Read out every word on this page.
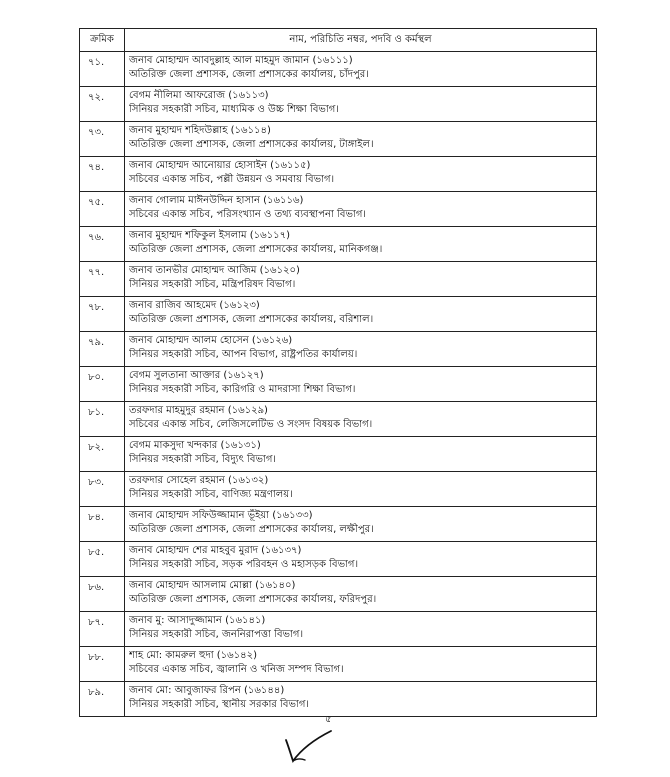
ক্রমিক	নাম, পরিচিতি নম্বর, পদবি ও কর্মস্থল
৭১.	জনাব মোহাম্মদ আবদুল্লাহ আল মাহমুদ জামান (১৬১১১)
অতিরিক্ত জেলা প্রশাসক, জেলা প্রশাসকের কার্যালয়, চাঁদপুর।

৭২.	বেগম নীলিমা আফরোজ (১৬১১৩)
সিনিয়র সহকারী সচিব, মাধ্যমিক ও উচ্চ শিক্ষা বিভাগ।

৭৩.	জনাব মুহাম্মদ শহিদউল্লাহ (১৬১১৪)
অতিরিক্ত জেলা প্রশাসক, জেলা প্রশাসকের কার্যালয়, টাঙ্গাইল।

৭৪.	জনাব মোহাম্মদ আনোয়ার হোসাইন (১৬১১৫)
সচিবের একান্ত সচিব, পল্লী উন্নয়ন ও সমবায় বিভাগ।

৭৫.	জনাব গোলাম মাঈনউদ্দিন হাসান (১৬১১৬)
সচিবের একান্ত সচিব, পরিসংখ্যান ও তথ্য ব্যবস্থাপনা বিভাগ।

৭৬.	জনাব মুহাম্মদ শফিকুল ইসলাম (১৬১১৭)
অতিরিক্ত জেলা প্রশাসক, জেলা প্রশাসকের কার্যালয়, মানিকগঞ্জ।

৭৭.	জনাব তানভীর মোহাম্মদ আজিম (১৬১২০)
সিনিয়র সহকারী সচিব, মন্ত্রিপরিষদ বিভাগ।

৭৮.	জনাব রাজিব আহমেদ (১৬১২৩)
অতিরিক্ত জেলা প্রশাসক, জেলা প্রশাসকের কার্যালয়, বরিশাল।

৭৯.	জনাব মোহাম্মদ আলম হোসেন (১৬১২৬)
সিনিয়র সহকারী সচিব, আপন বিভাগ, রাষ্ট্রপতির কার্যালয়।

৮০.	বেগম সুলতানা আক্তার (১৬১২৭)
সিনিয়র সহকারী সচিব, কারিগরি ও মাদরাসা শিক্ষা বিভাগ।

৮১.	তরফদার মাহমুদুর রহমান (১৬১২৯)
সচিবের একান্ত সচিব, লেজিসলেটিভ ও সংসদ বিষয়ক বিভাগ।

৮২.	বেগম মাকসুদা খন্দকার (১৬১৩১)
সিনিয়র সহকারী সচিব, বিদ্যুৎ বিভাগ।

৮৩.	তরফদার সোহেল রহমান (১৬১৩২)
সিনিয়র সহকারী সচিব, বাণিজ্য মন্ত্রণালয়।

৮৪.	জনাব মোহাম্মদ সফিউজ্জামান ভূঁইয়া (১৬১৩৩)
অতিরিক্ত জেলা প্রশাসক, জেলা প্রশাসকের কার্যালয়, লক্ষীপুর।

৮৫.	জনাব মোহাম্মদ শের মাহবুব মুরাদ (১৬১৩৭)
সিনিয়র সহকারী সচিব, সড়ক পরিবহন ও মহাসড়ক বিভাগ।

৮৬.	জনাব মোহাম্মদ আসলাম মোল্লা (১৬১৪০)
অতিরিক্ত জেলা প্রশাসক, জেলা প্রশাসকের কার্যালয়, ফরিদপুর।

৮৭.	জনাব মু: আসাদুজ্জামান (১৬১৪১)
সিনিয়র সহকারী সচিব, জননিরাপত্তা বিভাগ।

৮৮.	শাহ মো: কামরুল হুদা (১৬১৪২)
সচিবের একান্ত সচিব, জ্বালানি ও খনিজ সম্পদ বিভাগ।

৮৯.	জনাব মো: আবুজাফর রিপন (১৬১৪৪)
সিনিয়র সহকারী সচিব, স্থানীয় সরকার বিভাগ।
৫
